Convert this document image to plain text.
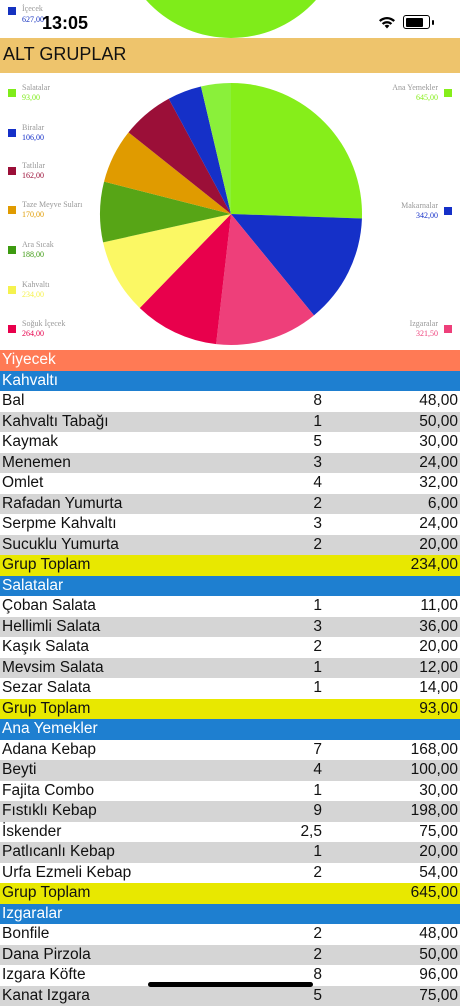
İçecek
627,00
13:05
ALT GRUPLAR
Salatalar
93,00
Biralar
106,00
Tatlılar
162,00
Taze Meyve Suları
170,00
Ara Sıcak
188,00
Kahvaltı
234,00
Soğuk İçecek
264,00
Ana Yemekler
645,00
Makarnalar
342,00
Izgaralar
321,50
Yiyecek
Kahvaltı
Bal	8	48,00
Kahvaltı Tabağı	1	50,00
Kaymak	5	30,00
Menemen	3	24,00
Omlet	4	32,00
Rafadan Yumurta	2	6,00
Serpme Kahvaltı	3	24,00
Sucuklu Yumurta	2	20,00
Grup Toplam	234,00
Salatalar
Çoban Salata	1	11,00
Hellimli Salata	3	36,00
Kaşık Salata	2	20,00
Mevsim Salata	1	12,00
Sezar Salata	1	14,00
Grup Toplam	93,00
Ana Yemekler
Adana Kebap	7	168,00
Beyti	4	100,00
Fajita Combo	1	30,00
Fıstıklı Kebap	9	198,00
İskender	2,5	75,00
Patlıcanlı Kebap	1	20,00
Urfa Ezmeli Kebap	2	54,00
Grup Toplam	645,00
Izgaralar
Bonfile	2	48,00
Dana Pirzola	2	50,00
Izgara Köfte	8	96,00
Kanat Izgara	5	75,00
